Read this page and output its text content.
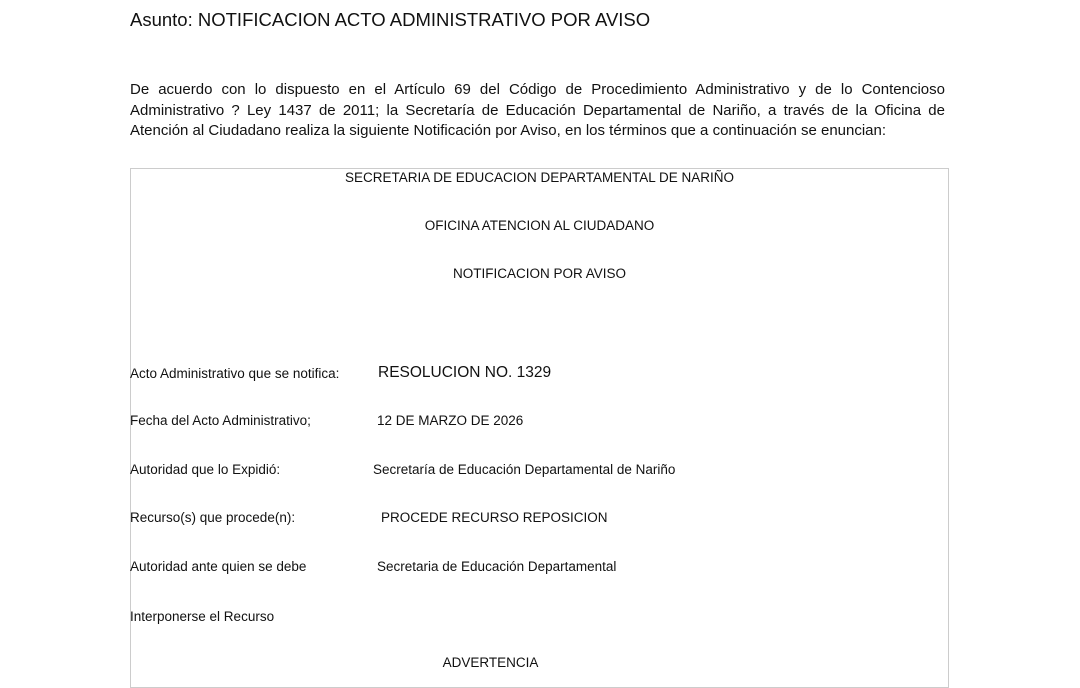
Asunto: NOTIFICACION ACTO ADMINISTRATIVO POR AVISO
De acuerdo con lo dispuesto en el Artículo 69 del Código de Procedimiento Administrativo y de lo Contencioso Administrativo ? Ley 1437 de 2011; la Secretaría de Educación Departamental de Nariño, a través de la Oficina de Atención al Ciudadano realiza la siguiente Notificación por Aviso, en los términos que a continuación se enuncian:
SECRETARIA DE EDUCACION DEPARTAMENTAL DE NARIÑO
OFICINA ATENCION AL CIUDADANO
NOTIFICACION POR AVISO
Acto Administrativo que se notifica: RESOLUCION NO. 1329
Fecha del Acto Administrativo;	12 DE MARZO DE 2026
Autoridad que lo Expidió:	Secretaría de Educación Departamental de Nariño
Recurso(s) que procede(n):	PROCEDE RECURSO REPOSICION
Autoridad ante quien se debe	Secretaria de Educación Departamental
Interponerse el Recurso
ADVERTENCIA
